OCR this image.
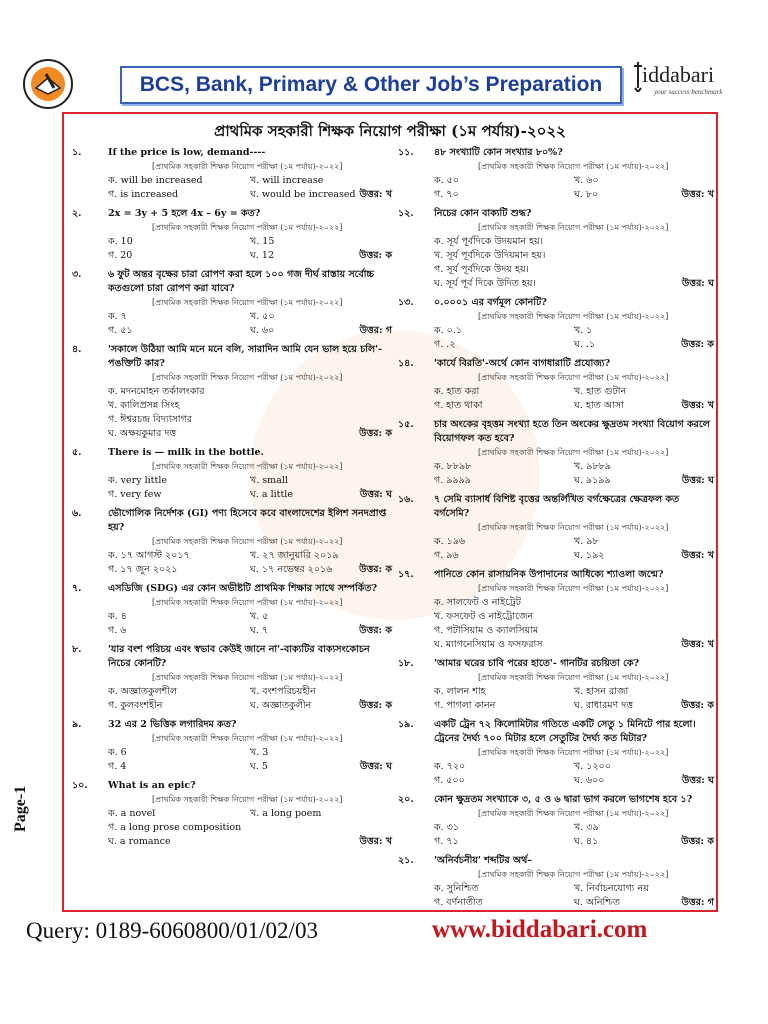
BCS, Bank, Primary & Other Job’s Preparation iddabari
your success benchmark
প্রাথমিক সহকারী শিক্ষক নিয়োগ পরীক্ষা (১ম পর্যায়)-২০২২
১.	If the price is low, demand----
[প্রাথমিক সহকারী শিক্ষক নিয়োগ পরীক্ষা (১ম পর্যায়)-২০২২]
ক. will be increased	খ. will increase
গ. is increased	ঘ. would be increased উত্তর: খ
২.	2x = 3y + 5 হলে 4x – 6y = কত?
[প্রাথমিক সহকারী শিক্ষক নিয়োগ পরীক্ষা (১ম পর্যায়)-২০২২]
ক. 10	খ. 15
গ. 20	ঘ. 12	উত্তর: ক
৩.	৬ ফুট অন্তর বৃক্ষের চারা রোপণ করা হলে ১০০ গজ দীর্ঘ রাস্তায় সর্বোচ্চ কতগুলো চারা রোপণ করা যাবে?
[প্রাথমিক সহকারী শিক্ষক নিয়োগ পরীক্ষা (১ম পর্যায়)-২০২২]
ক. ৭	খ. ৫০
গ. ৫১	ঘ. ৬০	উত্তর: গ
৪.	'সকালে উঠিয়া আমি মনে মনে বলি, সারাদিন আমি যেন ভাল হয়ে চলি'-পঙক্তিটি কার?
[প্রাথমিক সহকারী শিক্ষক নিয়োগ পরীক্ষা (১ম পর্যায়)-২০২২]
ক. মদনমোহন তর্কালংকার
খ. কালিপ্রসন্ন সিংহ
গ. ঈশ্বরচন্দ্র বিদ্যাসাগর
ঘ. অক্ষয়কুমার দত্ত	উত্তর: ক
৫.	There is — milk in the bottle.
[প্রাথমিক সহকারী শিক্ষক নিয়োগ পরীক্ষা (১ম পর্যায়)-২০২২]
ক. very little	খ. small
গ. very few	ঘ. a little	উত্তর: ঘ
৬.	ভৌগোলিক নির্দেশক (GI) পণ্য হিসেবে কবে বাংলাদেশের ইলিশ সনদপ্রাপ্ত হয়?
[প্রাথমিক সহকারী শিক্ষক নিয়োগ পরীক্ষা (১ম পর্যায়)-২০২২]
ক. ১৭ আগস্ট ২০১৭	খ. ২৭ জানুয়ারি ২০১৯
গ. ১৭ জুন ২০২১	ঘ. ১৭ নভেম্বর ২০১৬	উত্তর: ক
৭.	এসডিজি (SDG) এর কোন অভীষ্টটি প্রাথমিক শিক্ষার সাথে সম্পর্কিত?
[প্রাথমিক সহকারী শিক্ষক নিয়োগ পরীক্ষা (১ম পর্যায়)-২০২২]
ক. ৪	খ. ৫
গ. ৬	ঘ. ৭	উত্তর: ক
৮.	'যার বংশ পরিচয় এবং স্বভাব কেউই জানে না'-বাক্যটির বাক্যসংকোচন নিচের কোনটি?
[প্রাথমিক সহকারী শিক্ষক নিয়োগ পরীক্ষা (১ম পর্যায়)-২০২২]
ক. অজ্ঞাতকুলশীল	খ. বংশপরিচয়হীন
গ. কুলবংশহীন	ঘ. অজ্ঞাতকুলীন	উত্তর: ক
৯.	32 এর 2 ভিত্তিক লগারিদম কত?
[প্রাথমিক সহকারী শিক্ষক নিয়োগ পরীক্ষা (১ম পর্যায়)-২০২২]
ক. 6	খ. 3
গ. 4	ঘ. 5	উত্তর: ঘ
১০.	What is an epic?
[প্রাথমিক সহকারী শিক্ষক নিয়োগ পরীক্ষা (১ম পর্যায়)-২০২২]
ক. a novel	খ. a long poem
গ. a long prose composition
ঘ. a romance	উত্তর: খ
১১.	৪৮ সংখ্যাটি কোন সংখ্যার ৮০%?
[প্রাথমিক সহকারী শিক্ষক নিয়োগ পরীক্ষা (১ম পর্যায়)-২০২২]
ক. ৫০	খ. ৬০
গ. ৭০	ঘ. ৮০	উত্তর: খ
১২.	নিচের কোন বাক্যটি শুদ্ধ?
[প্রাথমিক সহকারী শিক্ষক নিয়োগ পরীক্ষা (১ম পর্যায়)-২০২২]
ক. সূর্য পূর্বদিকে উদয়মান হয়।
খ. সূর্য পূর্বদিকে উদিয়মান হয়।
গ. সূর্য পূর্বদিকে উদয় হয়।
ঘ. সূর্য পূর্ব দিকে উদিত হয়।	উত্তর: ঘ
১৩.	০.০০০১ এর বর্গমূল কোনটি?
[প্রাথমিক সহকারী শিক্ষক নিয়োগ পরীক্ষা (১ম পর্যায়)-২০২২]
ক. ০.১	খ. ১
গ. .২	ঘ. .১	উত্তর: ক
১৪.	'কার্যে বিরতি'-অর্থে কোন বাগধারাটি প্রযোজ্য?
[প্রাথমিক সহকারী শিক্ষক নিয়োগ পরীক্ষা (১ম পর্যায়)-২০২২]
ক. হাত করা	খ. হাত গুটান
গ. হাত থাকা	ঘ. হাত আসা	উত্তর: খ
১৫.	চার অংকের বৃহত্তম সংখ্যা হতে তিন অংকের ক্ষুদ্রতম সংখ্যা বিয়োগ করলে বিয়োগফল কত হবে?
[প্রাথমিক সহকারী শিক্ষক নিয়োগ পরীক্ষা (১ম পর্যায়)-২০২২]
ক. ৮৮৯৮	খ. ৯৮৮৯
গ. ৯৯৯৯	ঘ. ৯১৯৯	উত্তর: ঘ
১৬.	৭ সেমি ব্যাসার্ধ বিশিষ্ট বৃত্তের অন্তর্লিখিত বর্গক্ষেত্রের ক্ষেত্রফল কত বর্গসেমি?
[প্রাথমিক সহকারী শিক্ষক নিয়োগ পরীক্ষা (১ম পর্যায়)-২০২২]
ক. ১৯৬	খ. ৯৮
গ. ৯৬	ঘ. ১৯২	উত্তর: খ
১৭.	পানিতে কোন রাসায়নিক উপাদানের আধিক্যে শ্যাওলা জন্মে?
[প্রাথমিক সহকারী শিক্ষক নিয়োগ পরীক্ষা (১ম পর্যায়)-২০২২]
ক. সালফেট ও নাইট্রেট
খ. ফসফেট ও নাইট্রোজেন
গ. পটাসিয়াম ও ক্যালসিয়াম
ঘ. ম্যাগনেসিয়াম ও ফসফরাস	উত্তর: খ
১৮.	'আমার ঘরের চাবি পরের হাতে'- গানটির রচয়িতা কে?
[প্রাথমিক সহকারী শিক্ষক নিয়োগ পরীক্ষা (১ম পর্যায়)-২০২২]
ক. লালন শাহ	খ. হাসন রাজা
গ. পাগলা কানন	ঘ. রাধারমণ দত্ত	উত্তর: ক
১৯.	একটি ট্রেন ৭২ কিলোমিটার গতিতে একটি সেতু ১ মিনিটে পার হলো। ট্রেনের দৈর্ঘ্য ৭০০ মিটার হলে সেতুটির দৈর্ঘ্য কত মিটার?
[প্রাথমিক সহকারী শিক্ষক নিয়োগ পরীক্ষা (১ম পর্যায়)-২০২২]
ক. ৭২০	খ. ১২০০
গ. ৫০০	ঘ. ৬০০	উত্তর: ঘ
২০.	কোন ক্ষুদ্রতম সংখ্যাকে ৩, ৫ ও ৬ দ্বারা ভাগ করলে ভাগশেষ হবে ১?
[প্রাথমিক সহকারী শিক্ষক নিয়োগ পরীক্ষা (১ম পর্যায়)-২০২২]
ক. ৩১	খ. ৩৯
গ. ৭১	ঘ. ৪১	উত্তর: ক
২১.	'অনির্বচনীয়' শব্দটির অর্থ–
[প্রাথমিক সহকারী শিক্ষক নিয়োগ পরীক্ষা (১ম পর্যায়)-২০২২]
ক. সুনিশ্চিত	খ. নির্বাচনযোগ্য নয়
গ. বর্ণনাতীত	ঘ. অনিশ্চিত	উত্তর: গ
Page-1
Query: 0189-6060800/01/02/03	www.biddabari.com
